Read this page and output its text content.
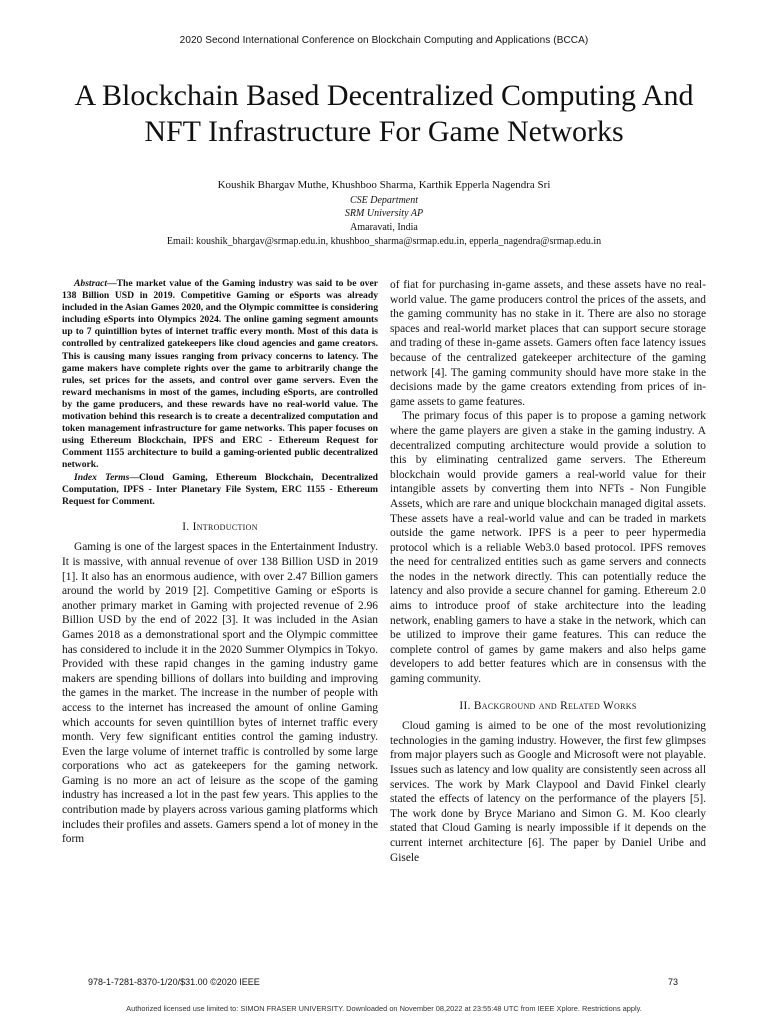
2020 Second International Conference on Blockchain Computing and Applications (BCCA)
A Blockchain Based Decentralized Computing And
NFT Infrastructure For Game Networks
Koushik Bhargav Muthe, Khushboo Sharma, Karthik Epperla Nagendra Sri
CSE Department
SRM University AP
Amaravati, India
Email: koushik_bhargav@srmap.edu.in, khushboo_sharma@srmap.edu.in, epperla_nagendra@srmap.edu.in

Abstract—The market value of the Gaming industry was said to be over 138 Billion USD in 2019. Competitive Gaming or eSports was already included in the Asian Games 2020, and the Olympic committee is considering including eSports into Olympics 2024. The online gaming segment amounts up to 7 quintillion bytes of internet traffic every month. Most of this data is controlled by centralized gatekeepers like cloud agencies and game creators. This is causing many issues ranging from privacy concerns to latency. The game makers have complete rights over the game to arbitrarily change the rules, set prices for the assets, and control over game servers. Even the reward mechanisms in most of the games, including eSports, are controlled by the game producers, and these rewards have no real-world value. The motivation behind this research is to create a decentralized computation and token management infrastructure for game networks. This paper focuses on using Ethereum Blockchain, IPFS and ERC - Ethereum Request for Comment 1155 architecture to build a gaming-oriented public decentralized network.

Index Terms—Cloud Gaming, Ethereum Blockchain, Decentralized Computation, IPFS - Inter Planetary File System, ERC 1155 - Ethereum Request for Comment.

I. Introduction

Gaming is one of the largest spaces in the Entertainment Industry. It is massive, with annual revenue of over 138 Billion USD in 2019 [1]. It also has an enormous audience, with over 2.47 Billion gamers around the world by 2019 [2]. Competitive Gaming or eSports is another primary market in Gaming with projected revenue of 2.96 Billion USD by the end of 2022 [3]. It was included in the Asian Games 2018 as a demonstrational sport and the Olympic committee has considered to include it in the 2020 Summer Olympics in Tokyo. Provided with these rapid changes in the gaming industry game makers are spending billions of dollars into building and improving the games in the market. The increase in the number of people with access to the internet has increased the amount of online Gaming which accounts for seven quintillion bytes of internet traffic every month. Very few significant entities control the gaming industry. Even the large volume of internet traffic is controlled by some large corporations who act as gatekeepers for the gaming network. Gaming is no more an act of leisure as the scope of the gaming industry has increased a lot in the past few years. This applies to the contribution made by players across various gaming platforms which includes their profiles and assets. Gamers spend a lot of money in the form

of fiat for purchasing in-game assets, and these assets have no real-world value. The game producers control the prices of the assets, and the gaming community has no stake in it. There are also no storage spaces and real-world market places that can support secure storage and trading of these in-game assets. Gamers often face latency issues because of the centralized gatekeeper architecture of the gaming network [4]. The gaming community should have more stake in the decisions made by the game creators extending from prices of in-game assets to game features.

The primary focus of this paper is to propose a gaming network where the game players are given a stake in the gaming industry. A decentralized computing architecture would provide a solution to this by eliminating centralized game servers. The Ethereum blockchain would provide gamers a real-world value for their intangible assets by converting them into NFTs - Non Fungible Assets, which are rare and unique blockchain managed digital assets. These assets have a real-world value and can be traded in markets outside the game network. IPFS is a peer to peer hypermedia protocol which is a reliable Web3.0 based protocol. IPFS removes the need for centralized entities such as game servers and connects the nodes in the network directly. This can potentially reduce the latency and also provide a secure channel for gaming. Ethereum 2.0 aims to introduce proof of stake architecture into the leading network, enabling gamers to have a stake in the network, which can be utilized to improve their game features. This can reduce the complete control of games by game makers and also helps game developers to add better features which are in consensus with the gaming community.

II. Background and Related Works

Cloud gaming is aimed to be one of the most revolutionizing technologies in the gaming industry. However, the first few glimpses from major players such as Google and Microsoft were not playable. Issues such as latency and low quality are consistently seen across all services. The work by Mark Claypool and David Finkel clearly stated the effects of latency on the performance of the players [5]. The work done by Bryce Mariano and Simon G. M. Koo clearly stated that Cloud Gaming is nearly impossible if it depends on the current internet architecture [6]. The paper by Daniel Uribe and Gisele

978-1-7281-8370-1/20/$31.00 ©2020 IEEE	73
Authorized licensed use limited to: SIMON FRASER UNIVERSITY. Downloaded on November 08,2022 at 23:55:48 UTC from IEEE Xplore. Restrictions apply.
